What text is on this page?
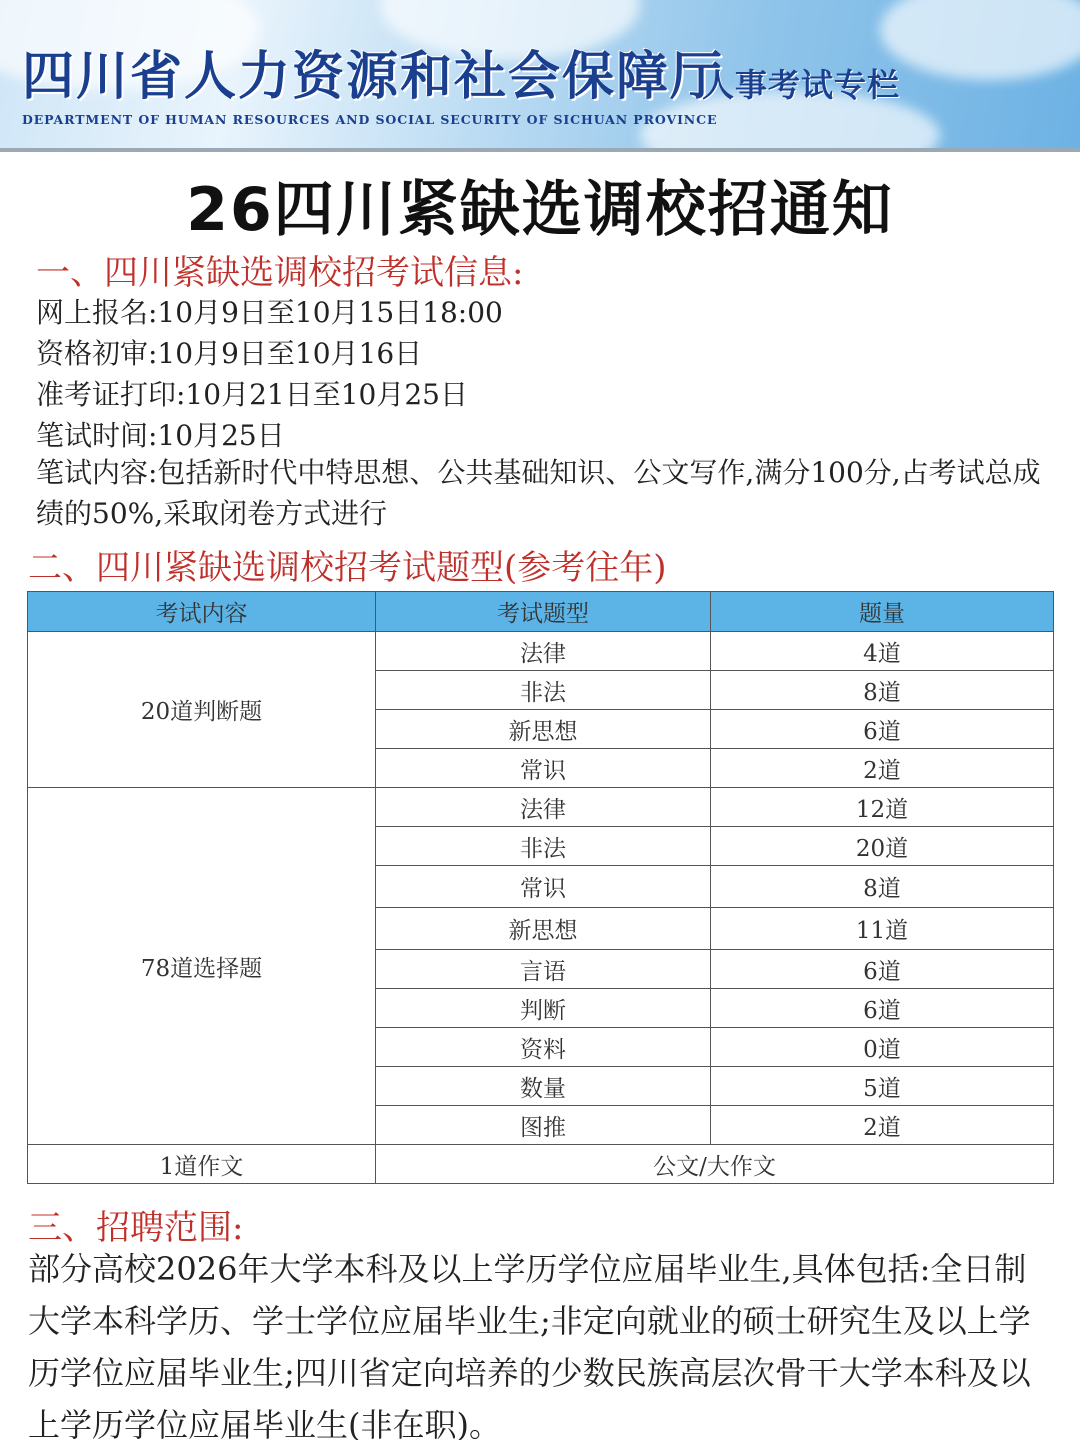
四川省人力资源和社会保障厅
DEPARTMENT OF HUMAN RESOURCES AND SOCIAL SECURITY OF SICHUAN PROVINCE
人事考试专栏
26四川紧缺选调校招通知
一、四川紧缺选调校招考试信息:
网上报名:10月9日至10月15日18:00
资格初审:10月9日至10月16日
准考证打印:10月21日至10月25日
笔试时间:10月25日
笔试内容:包括新时代中特思想、公共基础知识、公文写作,满分100分,占考试总成绩的50%,采取闭卷方式进行
二、四川紧缺选调校招考试题型(参考往年)
考试内容	考试题型	题量
20道判断题	法律	4道
	非法	8道
	新思想	6道
	常识	2道
78道选择题	法律	12道
	非法	20道
	常识	8道
	新思想	11道
	言语	6道
	判断	6道
	资料	0道
	数量	5道
	图推	2道
1道作文	公文/大作文	
三、招聘范围:
部分高校2026年大学本科及以上学历学位应届毕业生,具体包括:全日制大学本科学历、学士学位应届毕业生;非定向就业的硕士研究生及以上学历学位应届毕业生;四川省定向培养的少数民族高层次骨干大学本科及以上学历学位应届毕业生(非在职)。
